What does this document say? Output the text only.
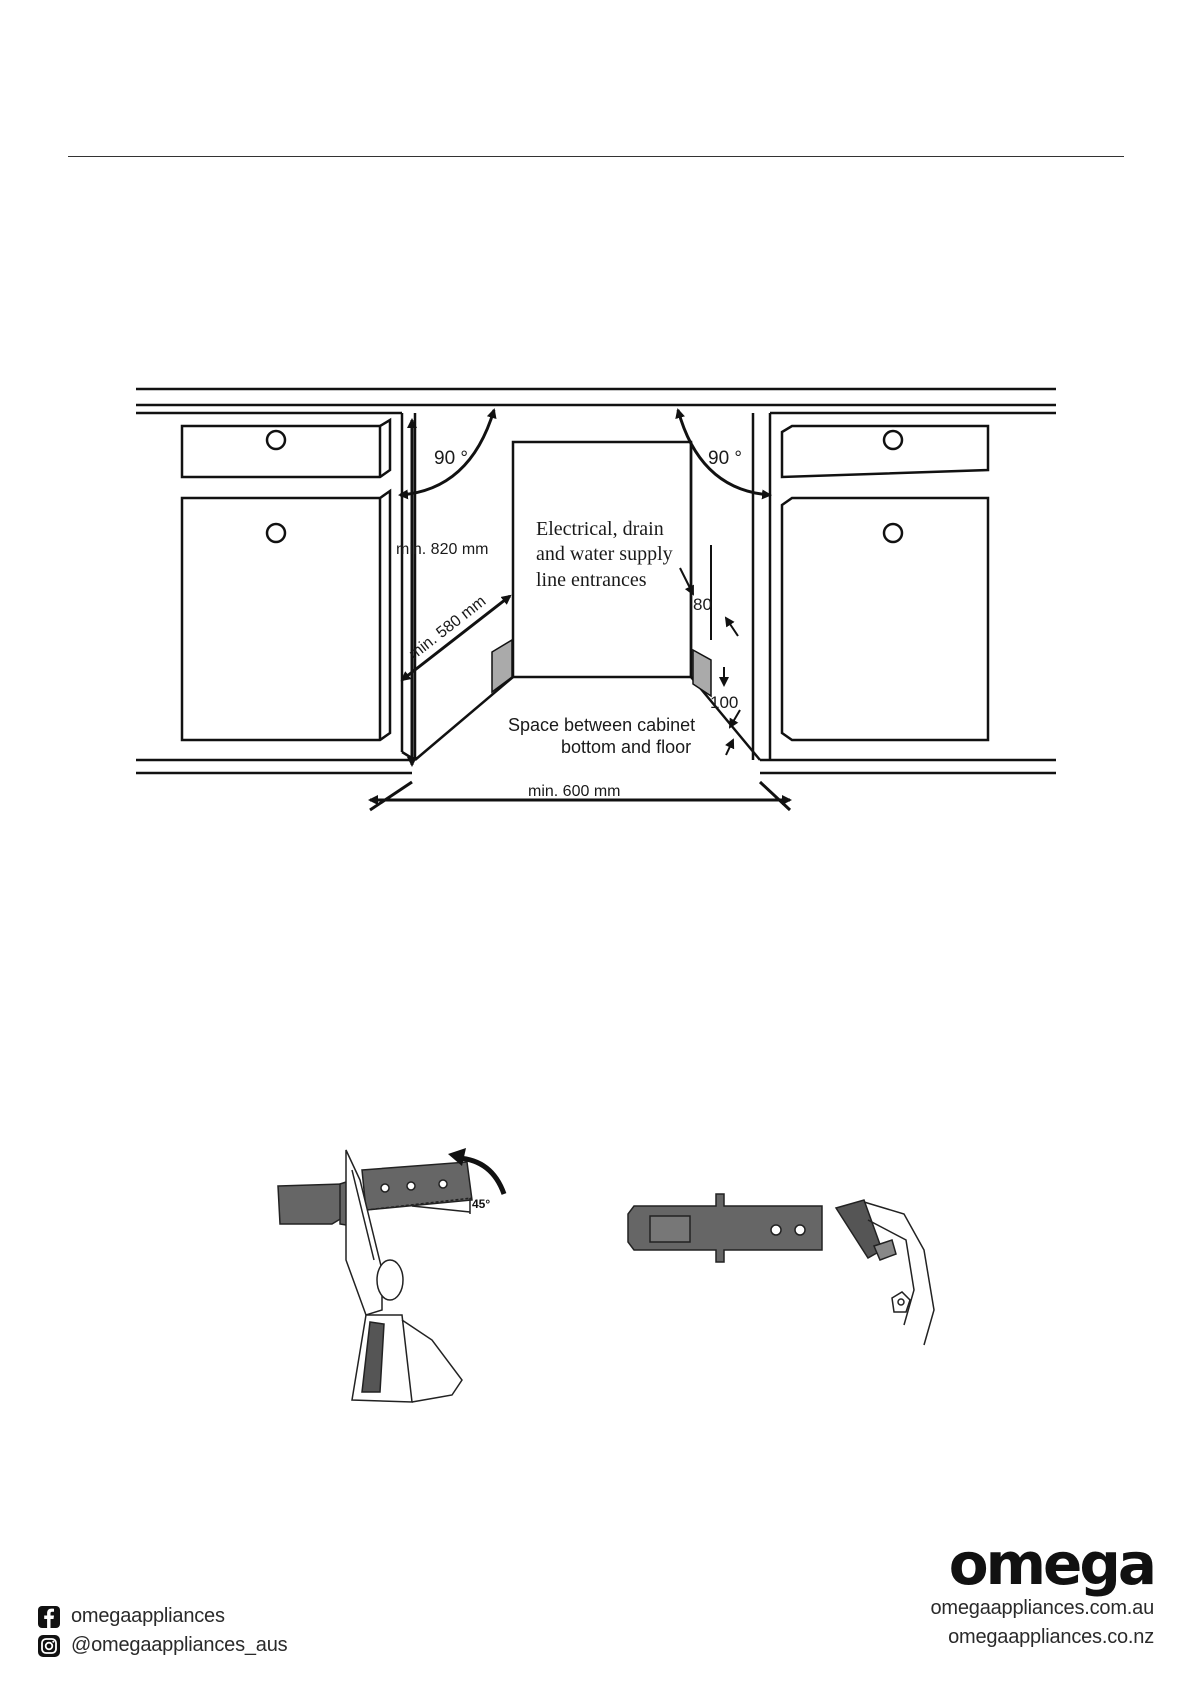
90 °	90 °
min. 820 mm
min. 580 mm
min. 600 mm
Electrical, drain
and water supply
line entrances
80
100
Space between cabinet
bottom and floor
45°
omegaappliances
@omegaappliances_aus
omega
omegaappliances.com.au
omegaappliances.co.nz
